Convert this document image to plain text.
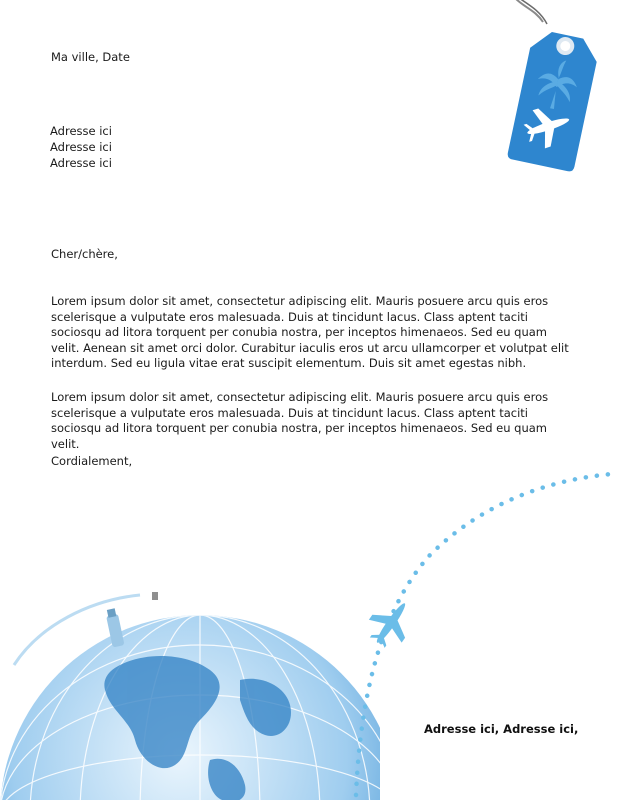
Ma ville, Date
Adresse ici
Adresse ici
Adresse ici
Cher/chère,
Lorem ipsum dolor sit amet, consectetur adipiscing elit. Mauris posuere arcu quis eros scelerisque a vulputate eros malesuada. Duis at tincidunt lacus. Class aptent taciti sociosqu ad litora torquent per conubia nostra, per inceptos himenaeos. Sed eu quam velit. Aenean sit amet orci dolor. Curabitur iaculis eros ut arcu ullamcorper et volutpat elit interdum. Sed eu ligula vitae erat suscipit elementum. Duis sit amet egestas nibh.
Lorem ipsum dolor sit amet, consectetur adipiscing elit. Mauris posuere arcu quis eros scelerisque a vulputate eros malesuada. Duis at tincidunt lacus. Class aptent taciti sociosqu ad litora torquent per conubia nostra, per inceptos himenaeos. Sed eu quam velit.
Cordialement,
Adresse ici, Adresse ici,
